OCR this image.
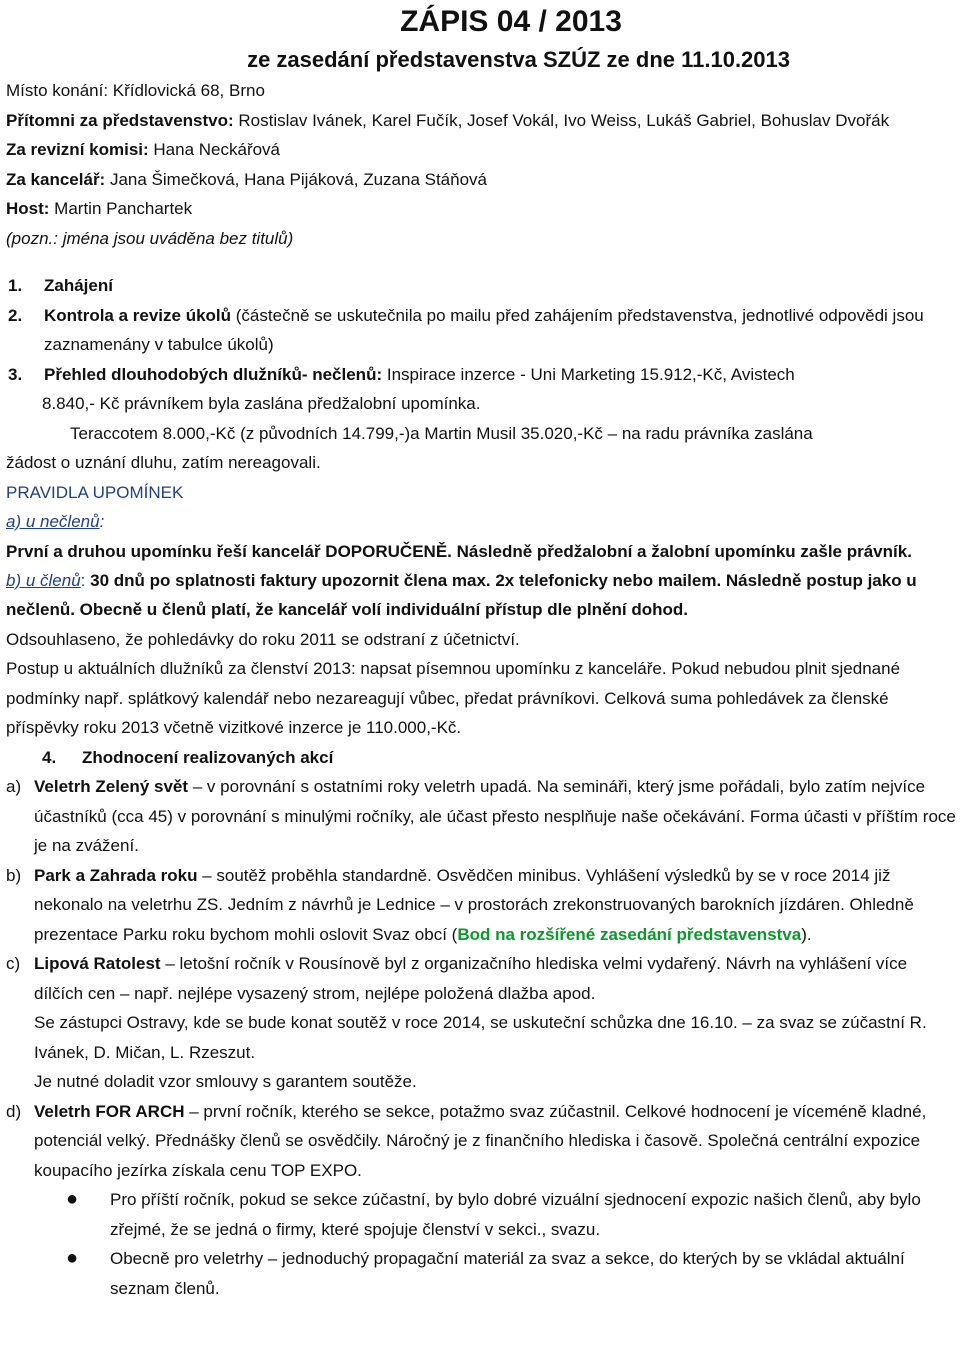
ZÁPIS 04 / 2013
ze zasedání představenstva SZÚZ ze dne 11.10.2013
Místo konání: Křídlovická 68, Brno
Přítomni za představenstvo: Rostislav Ivánek, Karel Fučík, Josef Vokál, Ivo Weiss, Lukáš Gabriel, Bohuslav Dvořák
Za revizní komisi: Hana Neckářová
Za kancelář: Jana Šimečková, Hana Pijáková, Zuzana Stáňová
Host: Martin Panchartek
(pozn.: jména jsou uváděna bez titulů)
1. Zahájení
2. Kontrola a revize úkolů (částečně se uskutečnila po mailu před zahájením představenstva, jednotlivé odpovědi jsou zaznamenány v tabulce úkolů)
3. Přehled dlouhodobých dlužníků- nečlenů: Inspirace inzerce - Uni Marketing 15.912,-Kč, Avistech
8.840,- Kč právníkem byla zaslána předžalobní upomínka.
Teraccotem 8.000,-Kč (z původních 14.799,-)a Martin Musil 35.020,-Kč – na radu právníka zaslána
žádost o uznání dluhu, zatím nereagovali.
PRAVIDLA UPOMÍNEK
a) u nečlenů:
První a druhou upomínku řeší kancelář DOPORUČENĚ. Následně předžalobní a žalobní upomínku zašle právník.
b) u členů: 30 dnů po splatnosti faktury upozornit člena max. 2x telefonicky nebo mailem. Následně postup jako u nečlenů. Obecně u členů platí, že kancelář volí individuální přístup dle plnění dohod.
Odsouhlaseno, že pohledávky do roku 2011 se odstraní z účetnictví.
Postup u aktuálních dlužníků za členství 2013: napsat písemnou upomínku z kanceláře. Pokud nebudou plnit sjednané podmínky např. splátkový kalendář nebo nezareagují vůbec, předat právníkovi. Celková suma pohledávek za členské příspěvky roku 2013 včetně vizitkové inzerce je 110.000,-Kč.
4. Zhodnocení realizovaných akcí
a) Veletrh Zelený svět – v porovnání s ostatními roky veletrh upadá. Na semináři, který jsme pořádali, bylo zatím nejvíce účastníků (cca 45) v porovnání s minulými ročníky, ale účast přesto nesplňuje naše očekávání. Forma účasti v příštím roce je na zvážení.
b) Park a Zahrada roku – soutěž proběhla standardně. Osvědčen minibus. Vyhlášení výsledků by se v roce 2014 již nekonalo na veletrhu ZS. Jedním z návrhů je Lednice – v prostorách zrekonstruovaných barokních jízdáren. Ohledně prezentace Parku roku bychom mohli oslovit Svaz obcí (Bod na rozšířené zasedání představenstva).
c) Lipová Ratolest – letošní ročník v Rousínově byl z organizačního hlediska velmi vydařený. Návrh na vyhlášení více dílčích cen – např. nejlépe vysazený strom, nejlépe položená dlažba apod.
Se zástupci Ostravy, kde se bude konat soutěž v roce 2014, se uskuteční schůzka dne 16.10. – za svaz se zúčastní R. Ivánek, D. Mičan, L. Rzeszut.
Je nutné doladit vzor smlouvy s garantem soutěže.
d) Veletrh FOR ARCH – první ročník, kterého se sekce, potažmo svaz zúčastnil. Celkové hodnocení je víceméně kladné, potenciál velký. Přednášky členů se osvědčily. Náročný je z finančního hlediska i časově. Společná centrální expozice koupacího jezírka získala cenu TOP EXPO.
●	Pro příští ročník, pokud se sekce zúčastní, by bylo dobré vizuální sjednocení expozic našich členů, aby bylo zřejmé, že se jedná o firmy, které spojuje členství v sekci., svazu.
●	Obecně pro veletrhy – jednoduchý propagační materiál za svaz a sekce, do kterých by se vkládal aktuální seznam členů.
